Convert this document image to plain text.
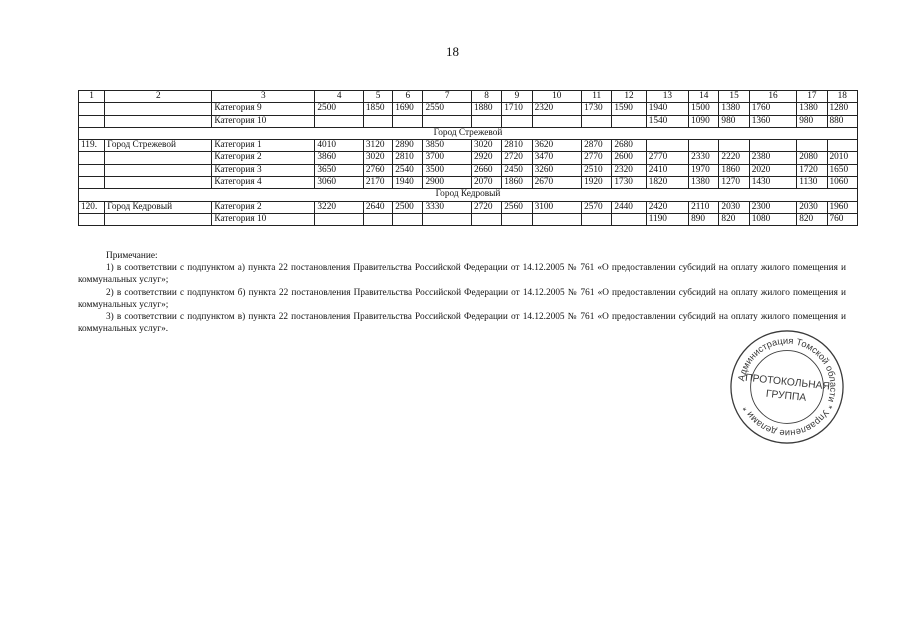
18
1	2	3	4	5	6	7	8	9	10	11	12	13	14	15	16	17	18
		Категория 9	2500	1850	1690	2550	1880	1710	2320	1730	1590	1940	1500	1380	1760	1380	1280
		Категория 10										1540	1090	980	1360	980	880
Город Стрежевой																	
119.	Город Стрежевой	Категория 1	4010	3120	2890	3850	3020	2810	3620	2870	2680						
		Категория 2	3860	3020	2810	3700	2920	2720	3470	2770	2600	2770	2330	2220	2380	2080	2010
		Категория 3	3650	2760	2540	3500	2660	2450	3260	2510	2320	2410	1970	1860	2020	1720	1650
		Категория 4	3060	2170	1940	2900	2070	1860	2670	1920	1730	1820	1380	1270	1430	1130	1060
Город Кедровый																	
120.	Город Кедровый	Категория 2	3220	2640	2500	3330	2720	2560	3100	2570	2440	2420	2110	2030	2300	2030	1960
		Категория 10										1190	890	820	1080	820	760

Примечание:

1) в соответствии с подпунктом а) пункта 22 постановления Правительства Российской Федерации от 14.12.2005 № 761 «О предоставлении субсидий на оплату жилого помещения и коммунальных услуг»;

2) в соответствии с подпунктом б) пункта 22 постановления Правительства Российской Федерации от 14.12.2005 № 761 «О предоставлении субсидий на оплату жилого помещения и коммунальных услуг»;

3) в соответствии с подпунктом в) пункта 22 постановления Правительства Российской Федерации от 14.12.2005 № 761 «О предоставлении субсидий на оплату жилого помещения и коммунальных услуг».

Администрация Томской области * Управление делами *
ПРОТОКОЛЬНАЯ
ГРУППА
